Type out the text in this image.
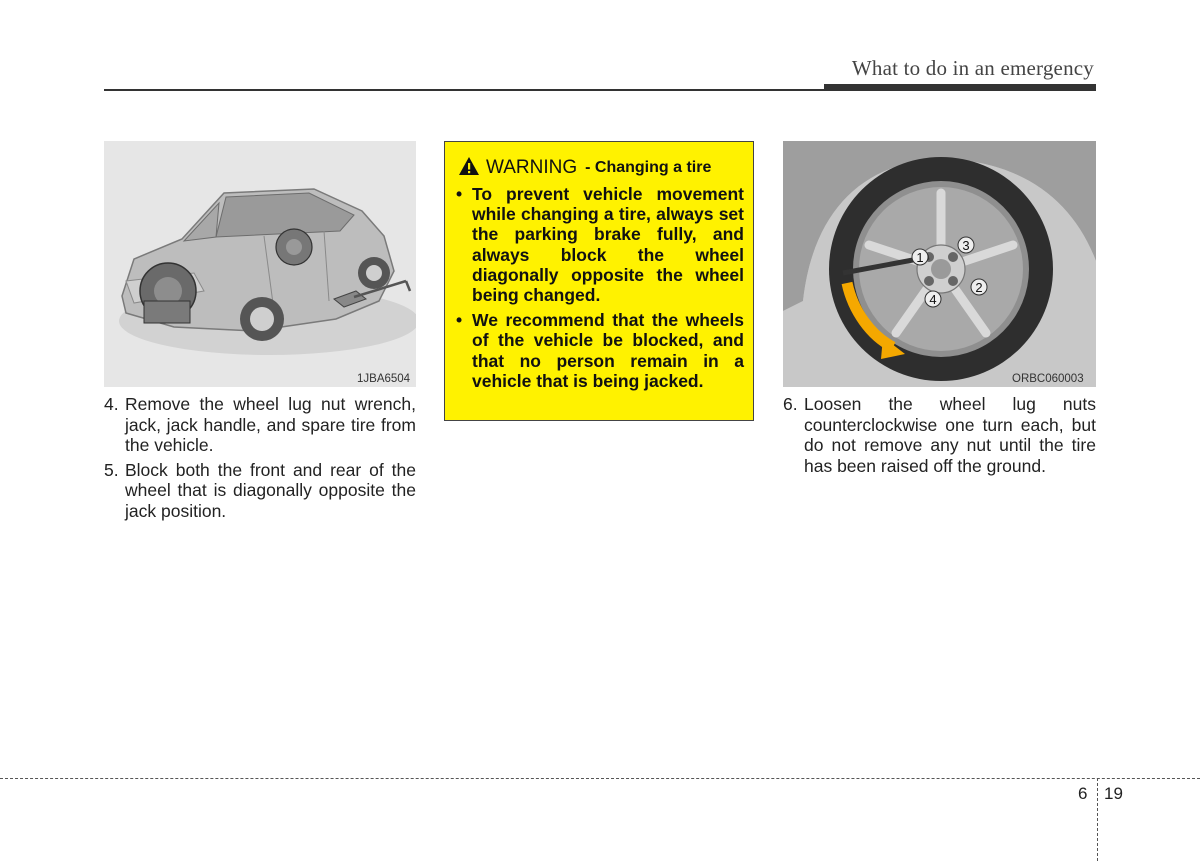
What to do in an emergency
1JBA6504
4. Remove the wheel lug nut wrench, jack, jack handle, and spare tire from the vehicle.
5. Block both the front and rear of the wheel that is diagonally opposite the jack position.
WARNING - Changing a tire
• To prevent vehicle movement while changing a tire, always set the parking brake fully, and always block the wheel diagonally opposite the wheel being changed.
• We recommend that the wheels of the vehicle be blocked, and that no person remain in a vehicle that is being jacked.
1
2
3
4
ORBC060003
6. Loosen the wheel lug nuts counterclockwise one turn each, but do not remove any nut until the tire has been raised off the ground.
6 19
